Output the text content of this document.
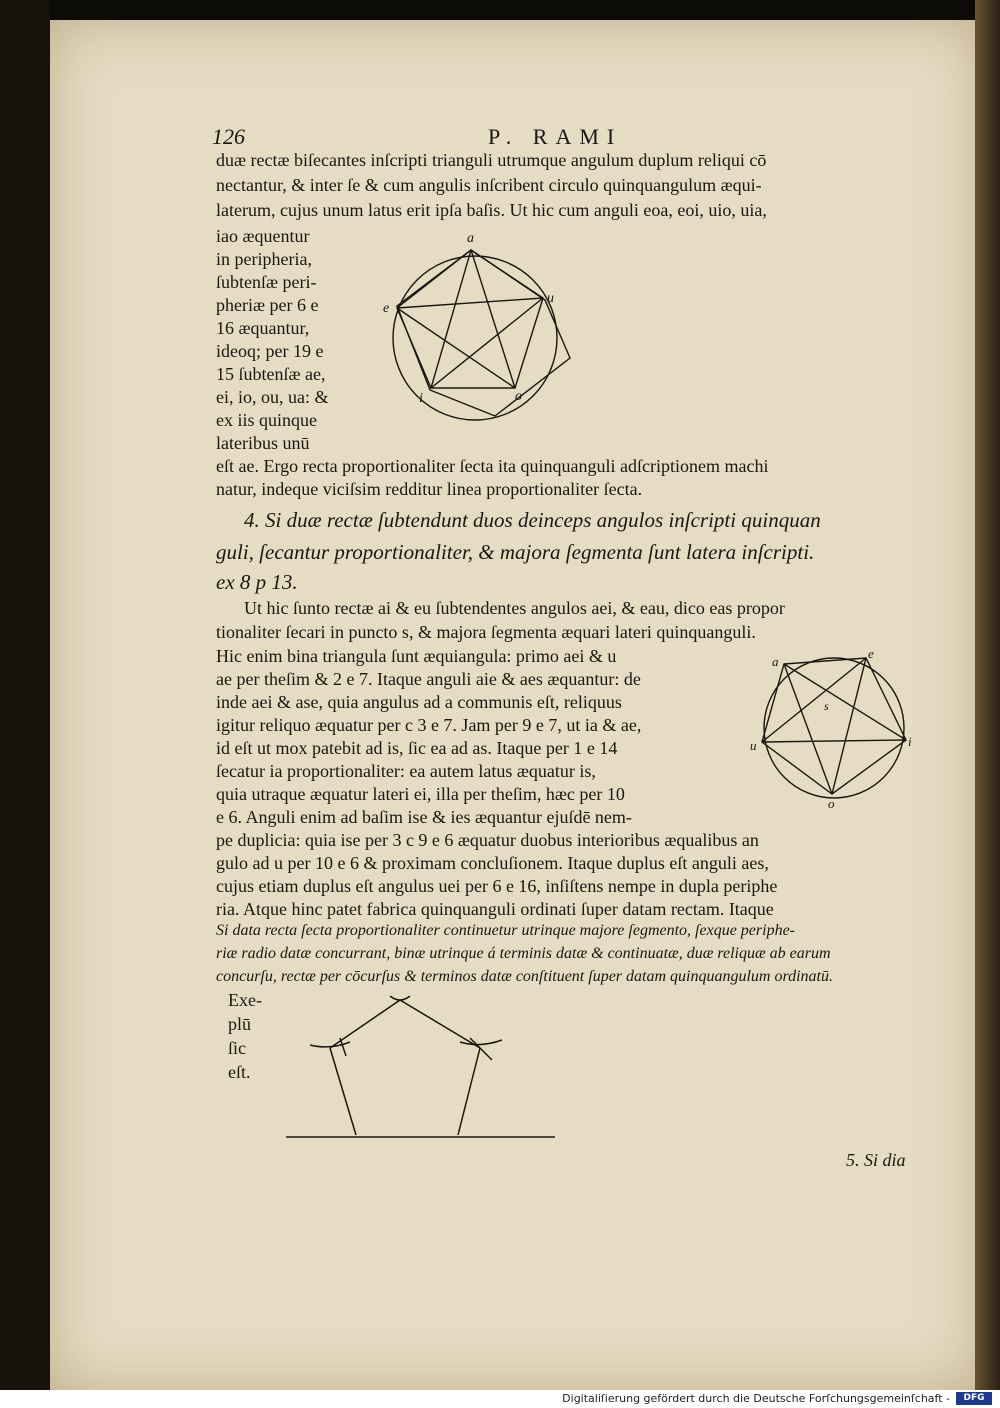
126	P. RAMI
duæ rectæ biſecantes inſcripti trianguli utrumque angulum duplum reliqui cō
nectantur, & inter ſe & cum angulis inſcribent circulo quinquangulum æqui-
laterum, cujus unum latus erit ipſa baſis. Ut hic cum anguli eoa, eoi, uio, uia,
iao æquentur
in peripheria,
ſubtenſæ peri-
pheriæ per 6 e
16 æquantur,
ideoq; per 19 e
15 ſubtenſæ ae,
ei, io, ou, ua: &
ex iis quinque
lateribus unū
a
e
u
i	o
eſt ae. Ergo recta proportionaliter ſecta ita quinquanguli adſcriptionem machi
natur, indeque viciſsim redditur linea proportionaliter ſecta.
4. Si duæ rectæ ſubtendunt duos deinceps angulos inſcripti quinquan
guli, ſecantur proportionaliter, & majora ſegmenta ſunt latera inſcripti.
ex 8 p 13.
Ut hic ſunto rectæ ai & eu ſubtendentes angulos aei, & eau, dico eas propor
tionaliter ſecari in puncto s, & majora ſegmenta æquari lateri quinquanguli.
Hic enim bina triangula ſunt æquiangula: primo aei & u
ae per theſim & 2 e 7. Itaque anguli aie & aes æquantur: de
inde aei & ase, quia angulus ad a communis eſt, reliquus
igitur reliquo æquatur per c 3 e 7. Jam per 9 e 7, ut ia & ae,
id eſt ut mox patebit ad is, ſic ea ad as. Itaque per 1 e 14
ſecatur ia proportionaliter: ea autem latus æquatur is,
quia utraque æquatur lateri ei, illa per theſim, hæc per 10
e 6. Anguli enim ad baſim ise & ies æquantur ejuſdē nem-
a
e
s
u	i
o
pe duplicia: quia ise per 3 c 9 e 6 æquatur duobus interioribus æqualibus an
gulo ad u per 10 e 6 & proximam concluſionem. Itaque duplus eſt anguli aes,
cujus etiam duplus eſt angulus uei per 6 e 16, inſiſtens nempe in dupla periphe
ria. Atque hinc patet fabrica quinquanguli ordinati ſuper datam rectam. Itaque
Si data recta ſecta proportionaliter continuetur utrinque majore ſegmento, ſexque periphe-
riæ radio datæ concurrant, binæ utrinque á terminis datæ & continuatæ, duæ reliquæ ab earum
concurſu, rectæ per cōcurſus & terminos datæ conſtituent ſuper datam quinquangulum ordinatū.
Exe-
plū
ſic
eſt.
5. Si dia
Digitaliſierung gefördert durch die Deutsche Forſchungsgemeinſchaft -	DFG
